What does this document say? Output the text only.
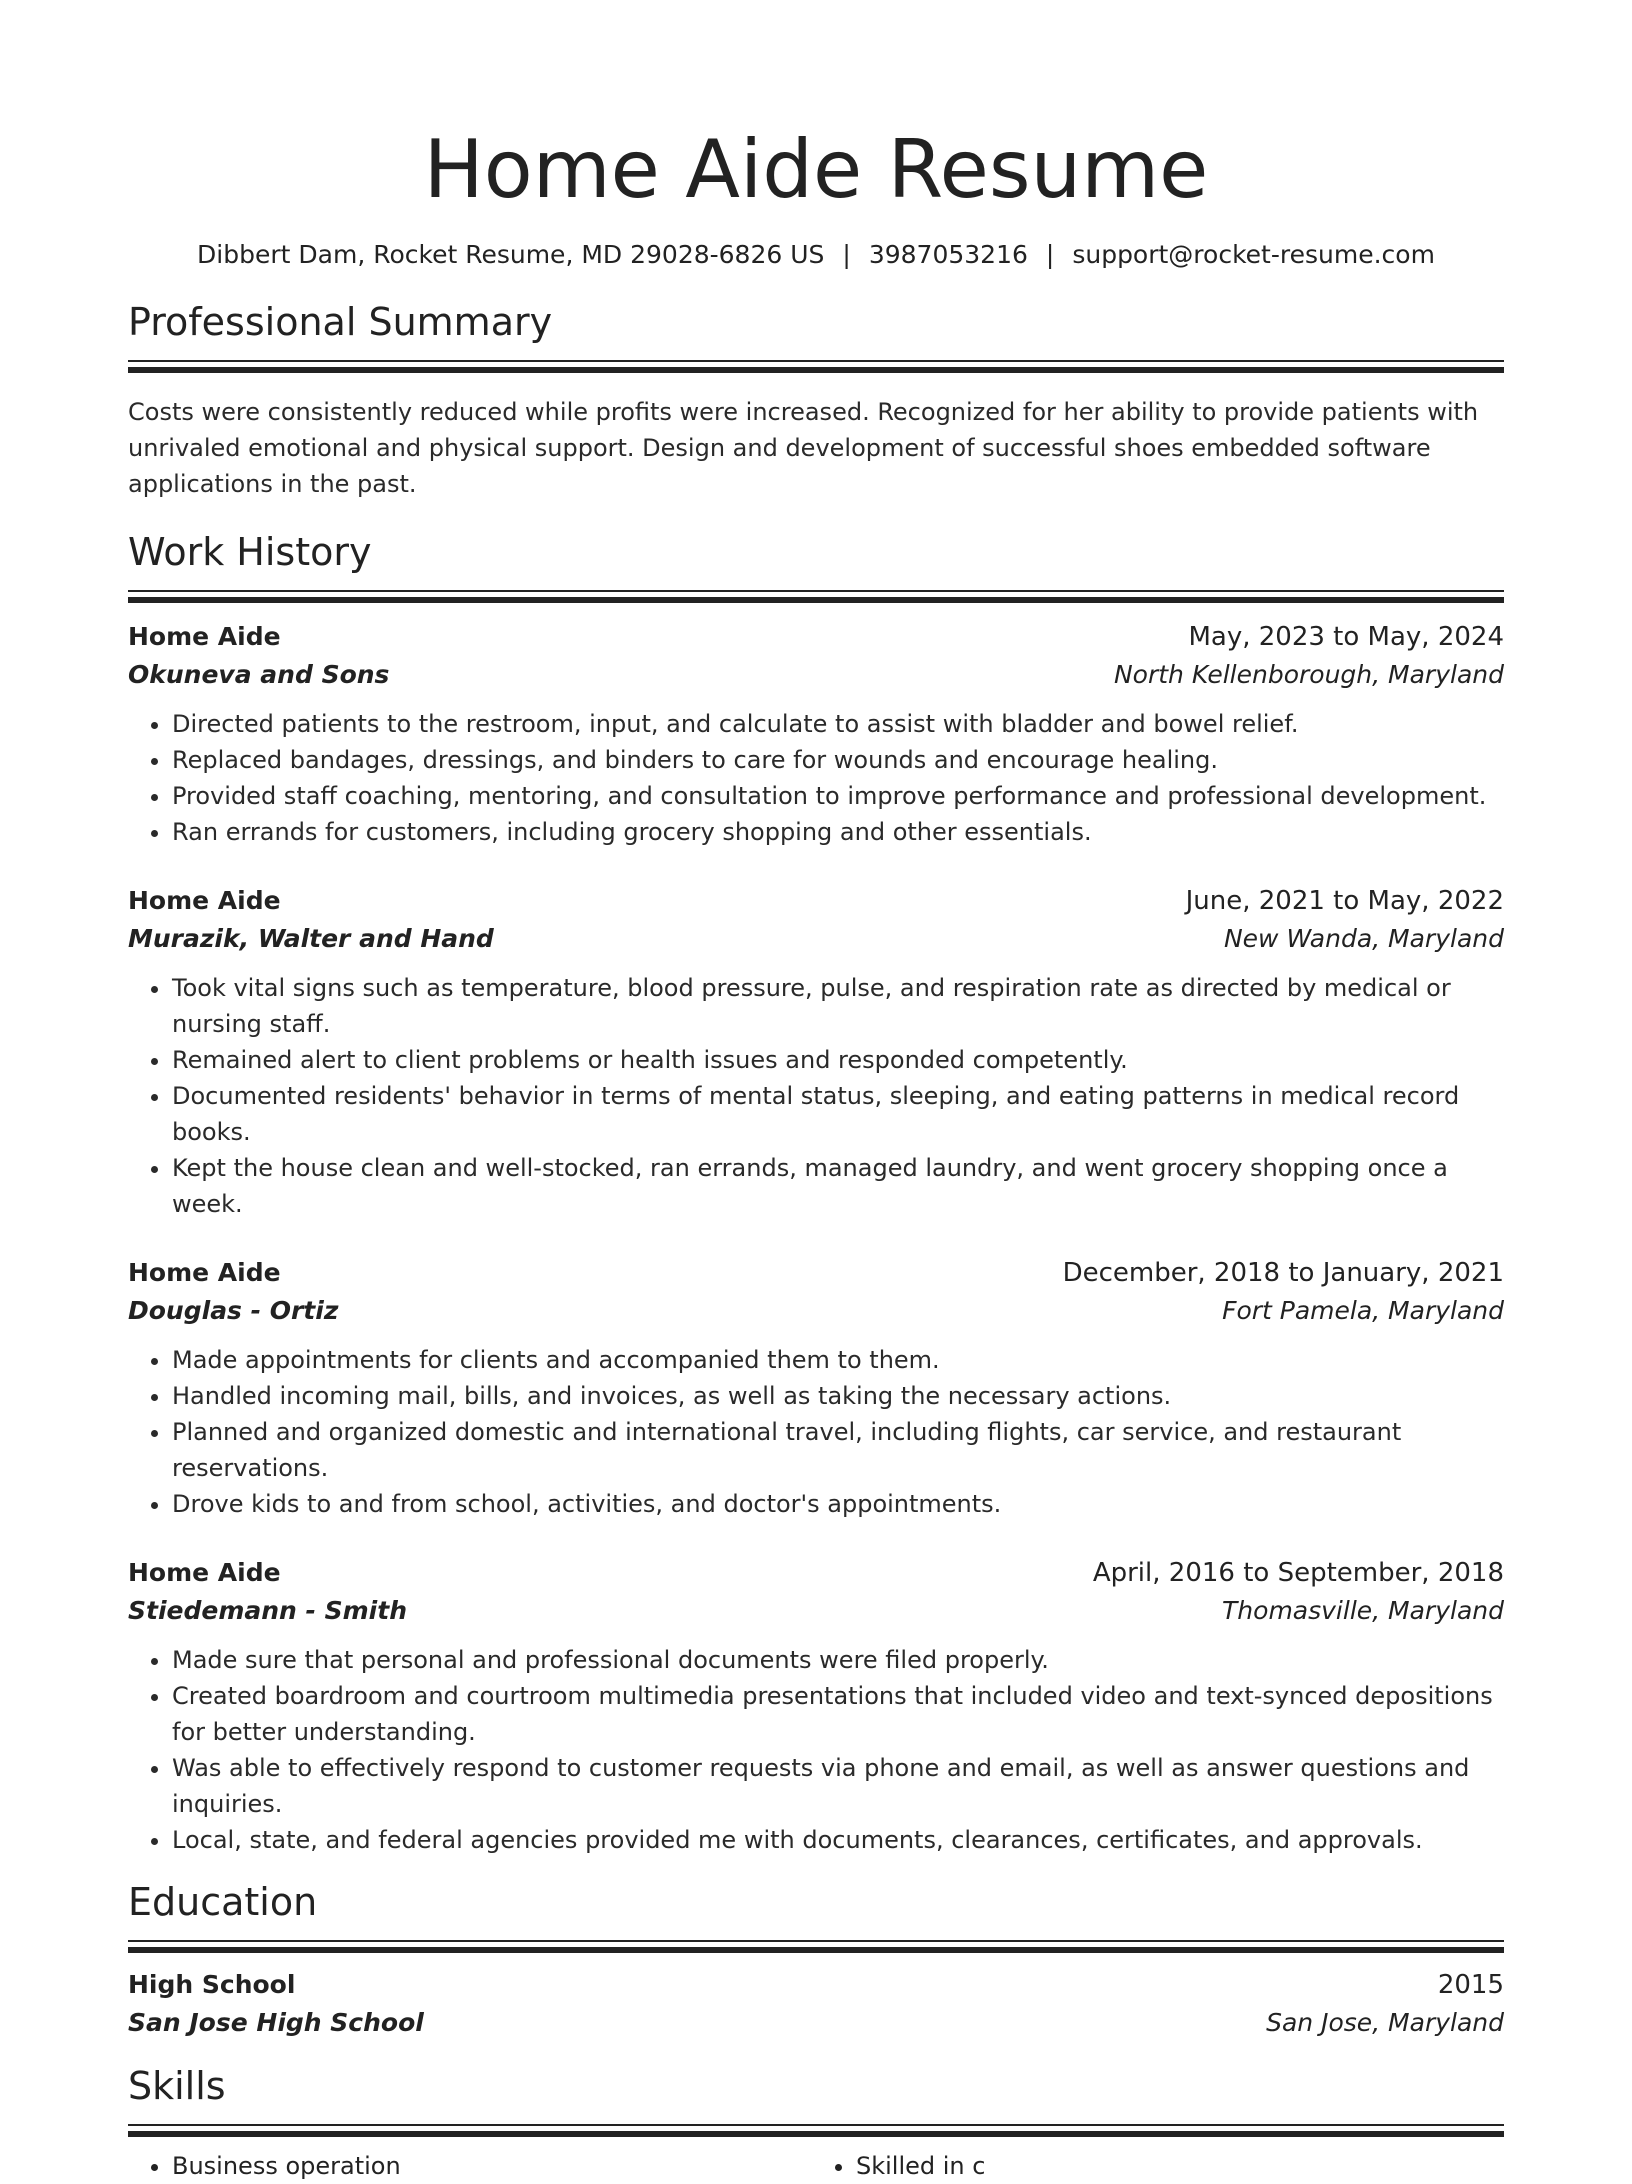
Home Aide Resume
Dibbert Dam, Rocket Resume, MD 29028-6826 US | 3987053216 | support@rocket-resume.com
Professional Summary
Costs were consistently reduced while profits were increased. Recognized for her ability to provide patients with unrivaled emotional and physical support. Design and development of successful shoes embedded software applications in the past.
Work History
Home Aide	May, 2023 to May, 2024
Okuneva and Sons	North Kellenborough, Maryland
• Directed patients to the restroom, input, and calculate to assist with bladder and bowel relief.
• Replaced bandages, dressings, and binders to care for wounds and encourage healing.
• Provided staff coaching, mentoring, and consultation to improve performance and professional development.
• Ran errands for customers, including grocery shopping and other essentials.
Home Aide	June, 2021 to May, 2022
Murazik, Walter and Hand	New Wanda, Maryland
• Took vital signs such as temperature, blood pressure, pulse, and respiration rate as directed by medical or nursing staff.
• Remained alert to client problems or health issues and responded competently.
• Documented residents' behavior in terms of mental status, sleeping, and eating patterns in medical record books.
• Kept the house clean and well-stocked, ran errands, managed laundry, and went grocery shopping once a week.
Home Aide	December, 2018 to January, 2021
Douglas - Ortiz	Fort Pamela, Maryland
• Made appointments for clients and accompanied them to them.
• Handled incoming mail, bills, and invoices, as well as taking the necessary actions.
• Planned and organized domestic and international travel, including flights, car service, and restaurant reservations.
• Drove kids to and from school, activities, and doctor's appointments.
Home Aide	April, 2016 to September, 2018
Stiedemann - Smith	Thomasville, Maryland
• Made sure that personal and professional documents were filed properly.
• Created boardroom and courtroom multimedia presentations that included video and text-synced depositions for better understanding.
• Was able to effectively respond to customer requests via phone and email, as well as answer questions and inquiries.
• Local, state, and federal agencies provided me with documents, clearances, certificates, and approvals.
Education
High School	2015
San Jose High School	San Jose, Maryland
Skills
• Business operation
•	Skilled in c
